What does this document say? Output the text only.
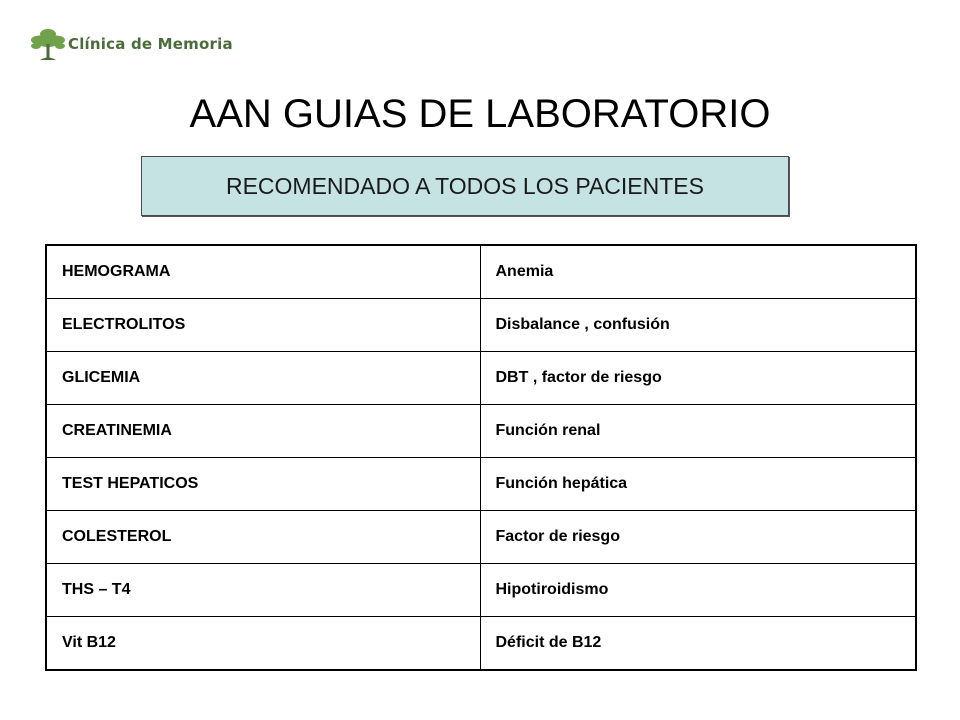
Clínica de Memoria
AAN GUIAS DE LABORATORIO
RECOMENDADO A TODOS LOS PACIENTES
HEMOGRAMA	Anemia
ELECTROLITOS	Disbalance , confusión
GLICEMIA	DBT , factor de riesgo
CREATINEMIA	Función renal
TEST HEPATICOS	Función hepática
COLESTEROL	Factor de riesgo
THS – T4	Hipotiroidismo
Vit B12	Déficit de B12
